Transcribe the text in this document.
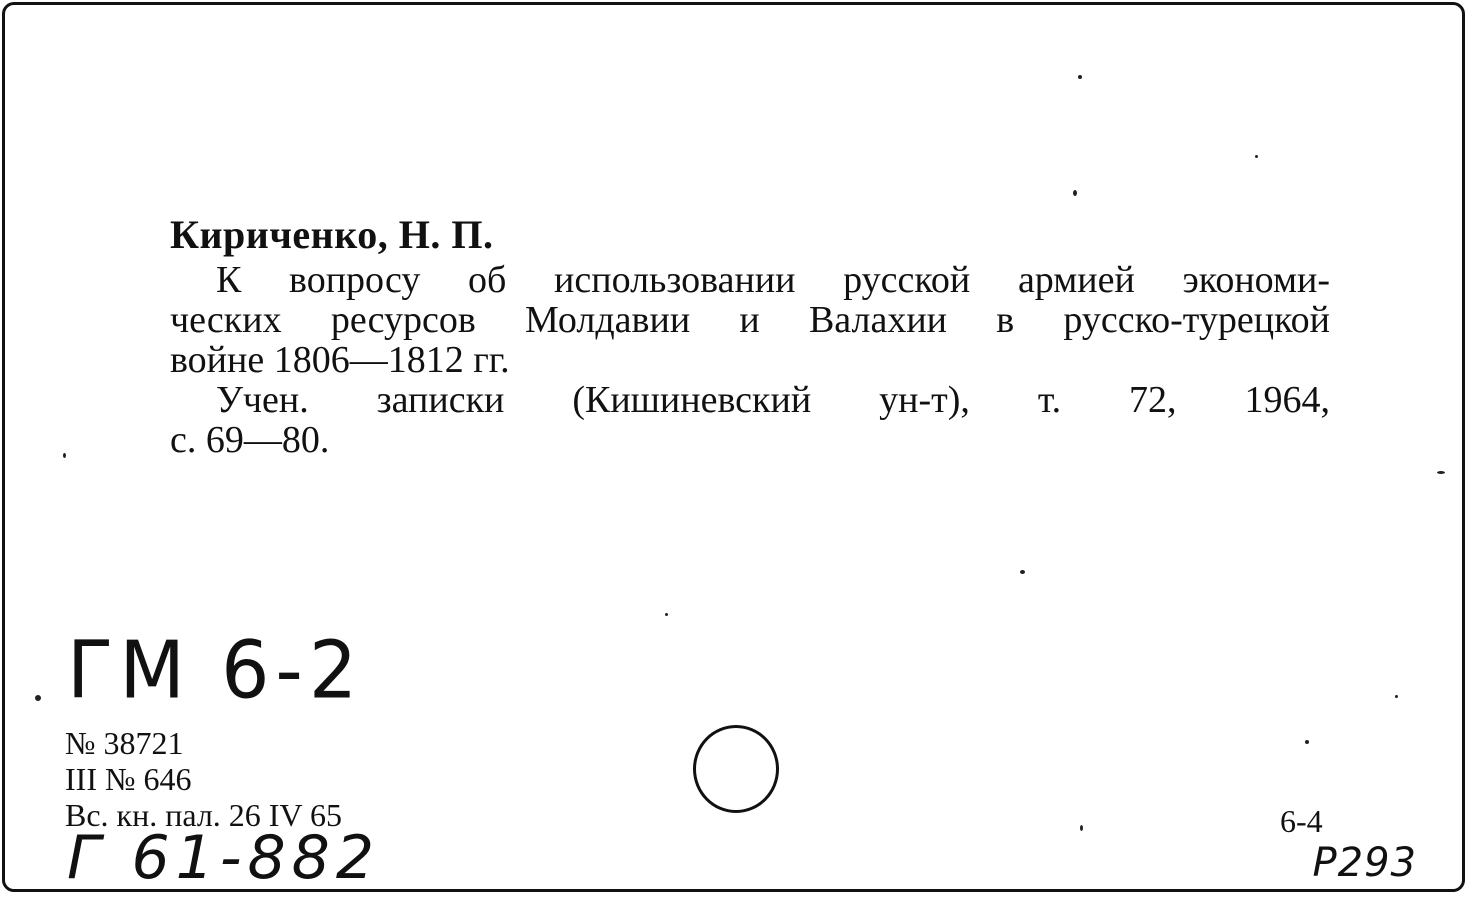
Кириченко, Н. П.
К вопросу об использовании русской армией экономи-
ческих ресурсов Молдавии и Валахии в русско-турецкой
войне 1806—1812 гг.
Учен. записки (Кишиневский ун-т), т. 72, 1964,
с. 69—80.
ГМ 6-2
№ 38721
III № 646
Вс. кн. пал. 26 IV 65
Г 61-882
6-4
P293
